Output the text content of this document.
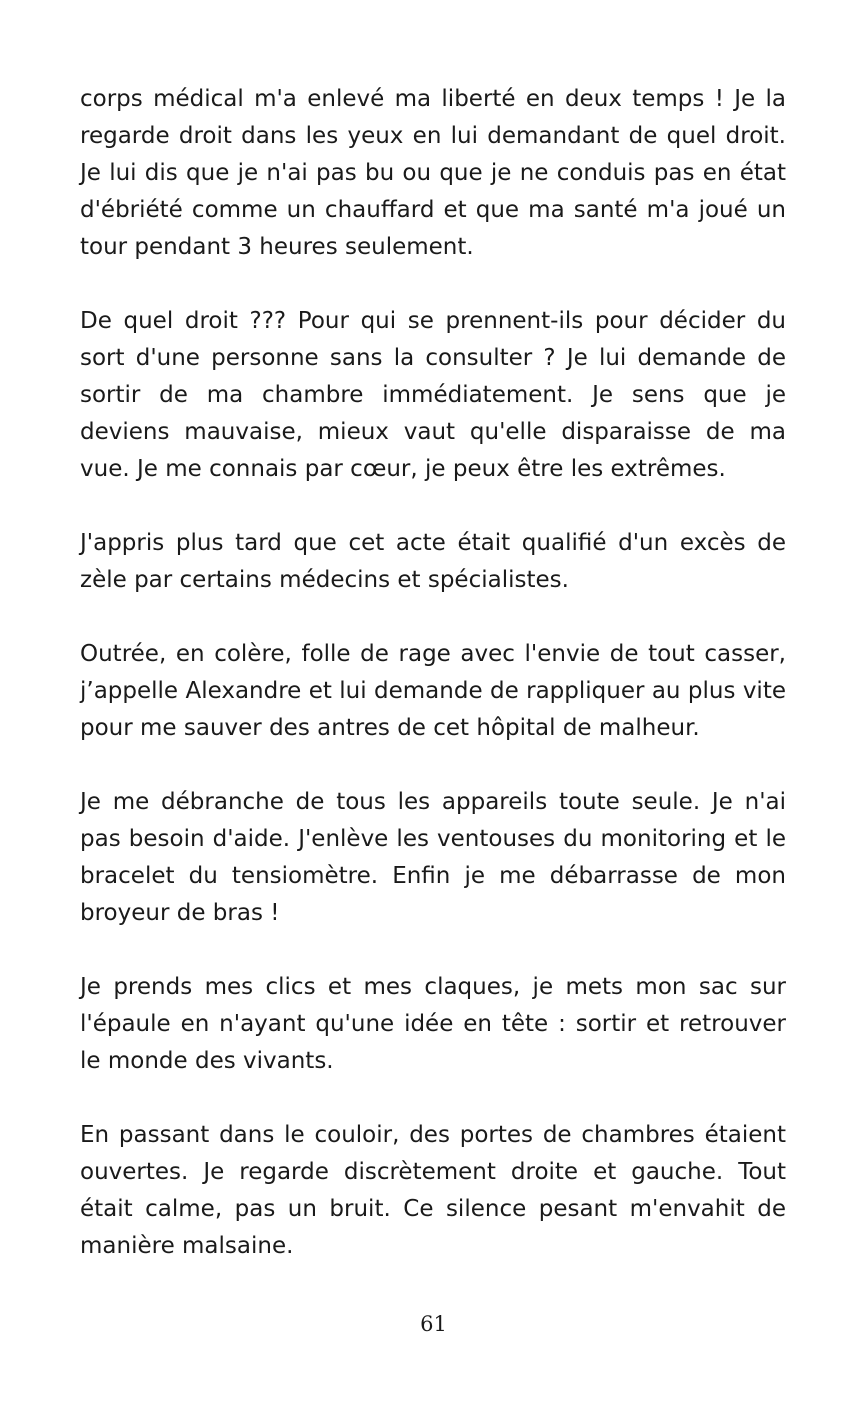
corps médical m'a enlevé ma liberté en deux temps ! Je la regarde droit dans les yeux en lui demandant de quel droit. Je lui dis que je n'ai pas bu ou que je ne conduis pas en état d'ébriété comme un chauffard et que ma santé m'a joué un tour pendant 3 heures seulement.

De quel droit ??? Pour qui se prennent-ils pour décider du sort d'une personne sans la consulter ? Je lui demande de sortir de ma chambre immédiatement. Je sens que je deviens mauvaise, mieux vaut qu'elle disparaisse de ma vue. Je me connais par cœur, je peux être les extrêmes.

J'appris plus tard que cet acte était qualifié d'un excès de zèle par certains médecins et spécialistes.

Outrée, en colère, folle de rage avec l'envie de tout casser, j’appelle Alexandre et lui demande de rappliquer au plus vite pour me sauver des antres de cet hôpital de malheur.

Je me débranche de tous les appareils toute seule. Je n'ai pas besoin d'aide. J'enlève les ventouses du monitoring et le bracelet du tensiomètre. Enfin je me débarrasse de mon broyeur de bras !

Je prends mes clics et mes claques, je mets mon sac sur l'épaule en n'ayant qu'une idée en tête : sortir et retrouver le monde des vivants.

En passant dans le couloir, des portes de chambres étaient ouvertes. Je regarde discrètement droite et gauche. Tout était calme, pas un bruit. Ce silence pesant m'envahit de manière malsaine.

61
